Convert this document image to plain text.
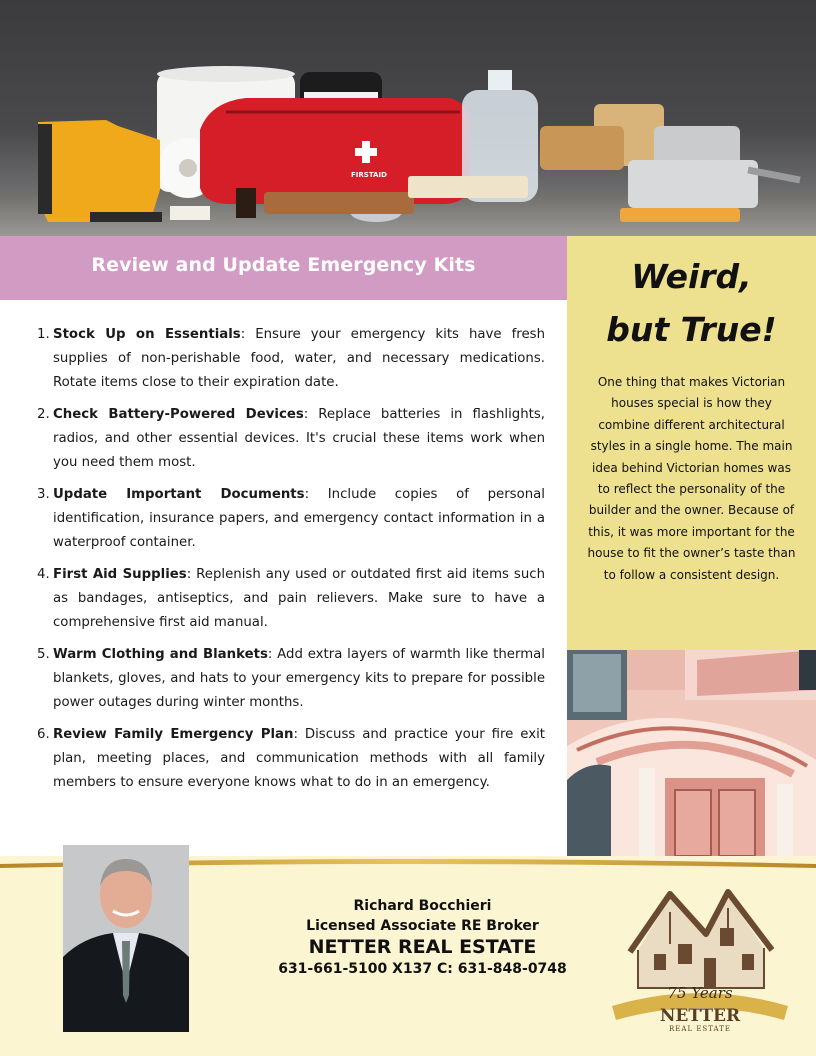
FIRSTAID
Review and Update Emergency Kits
1. Stock Up on Essentials: Ensure your emergency kits have fresh supplies of non-perishable food, water, and necessary medications. Rotate items close to their expiration date.
2. Check Battery-Powered Devices: Replace batteries in flashlights, radios, and other essential devices. It's crucial these items work when you need them most.
3. Update Important Documents: Include copies of personal identification, insurance papers, and emergency contact information in a waterproof container.
4. First Aid Supplies: Replenish any used or outdated first aid items such as bandages, antiseptics, and pain relievers. Make sure to have a comprehensive first aid manual.
5. Warm Clothing and Blankets: Add extra layers of warmth like thermal blankets, gloves, and hats to your emergency kits to prepare for possible power outages during winter months.
6. Review Family Emergency Plan: Discuss and practice your fire exit plan, meeting places, and communication methods with all family members to ensure everyone knows what to do in an emergency.
Weird,
but True!

One thing that makes Victorian houses special is how they combine different architectural styles in a single home. The main idea behind Victorian homes was to reflect the personality of the builder and the owner. Because of this, it was more important for the house to fit the owner’s taste than to follow a consistent design.

Richard Bocchieri
Licensed Associate RE Broker
NETTER REAL ESTATE
631-661-5100 X137 C: 631-848-0748
75 Years
NETTER
REAL ESTATE
